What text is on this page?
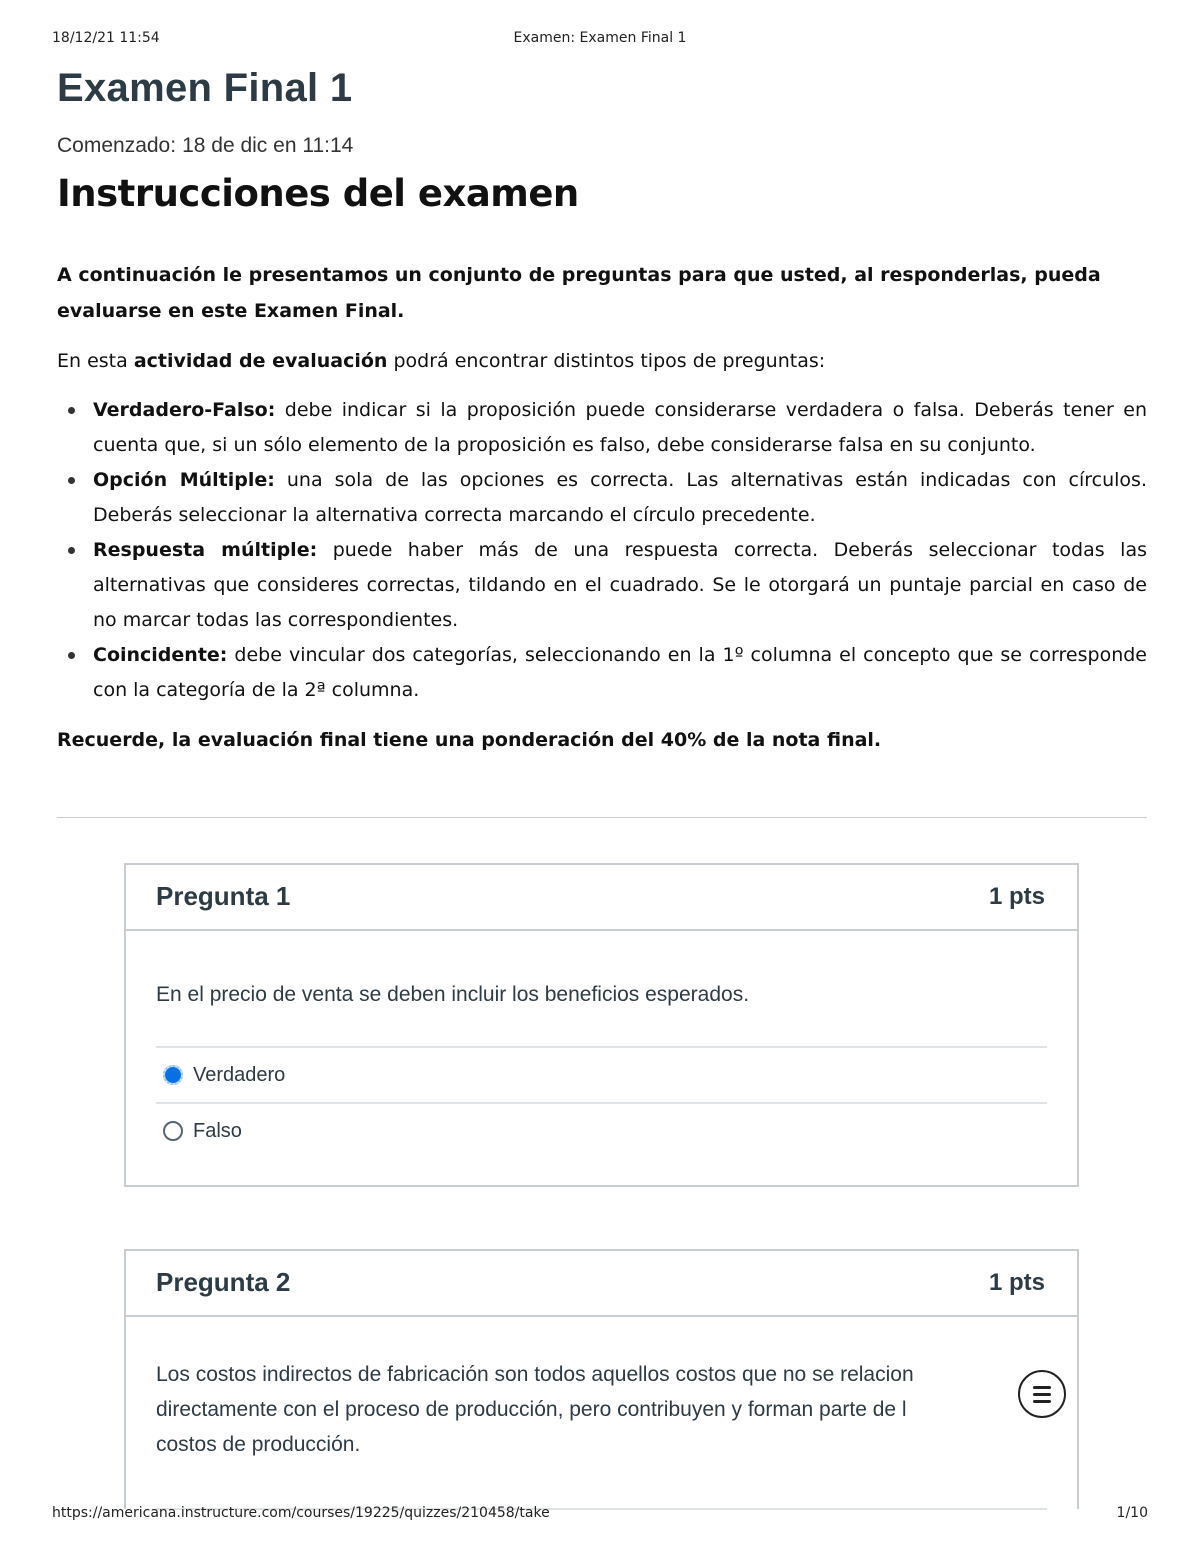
18/12/21 11:54	Examen: Examen Final 1
Examen Final 1
Comenzado: 18 de dic en 11:14
Instrucciones del examen

A continuación le presentamos un conjunto de preguntas para que usted, al responderlas, pueda evaluarse en este Examen Final.

En esta actividad de evaluación podrá encontrar distintos tipos de preguntas:

Verdadero-Falso: debe indicar si la proposición puede considerarse verdadera o falsa. Deberás tener en cuenta que, si un sólo elemento de la proposición es falso, debe considerarse falsa en su conjunto.
Opción Múltiple: una sola de las opciones es correcta. Las alternativas están indicadas con círculos. Deberás seleccionar la alternativa correcta marcando el círculo precedente.
Respuesta múltiple: puede haber más de una respuesta correcta. Deberás seleccionar todas las alternativas que consideres correctas, tildando en el cuadrado. Se le otorgará un puntaje parcial en caso de no marcar todas las correspondientes.
Coincidente: debe vincular dos categorías, seleccionando en la 1º columna el concepto que se corresponde con la categoría de la 2ª columna.

Recuerde, la evaluación final tiene una ponderación del 40% de la nota final.

Pregunta 1	1 pts
En el precio de venta se deben incluir los beneficios esperados.
Verdadero
Falso
Pregunta 2	1 pts
Los costos indirectos de fabricación son todos aquellos costos que no se relacion
directamente con el proceso de producción, pero contribuyen y forman parte de l
costos de producción.
https://americana.instructure.com/courses/19225/quizzes/210458/take	1/10
